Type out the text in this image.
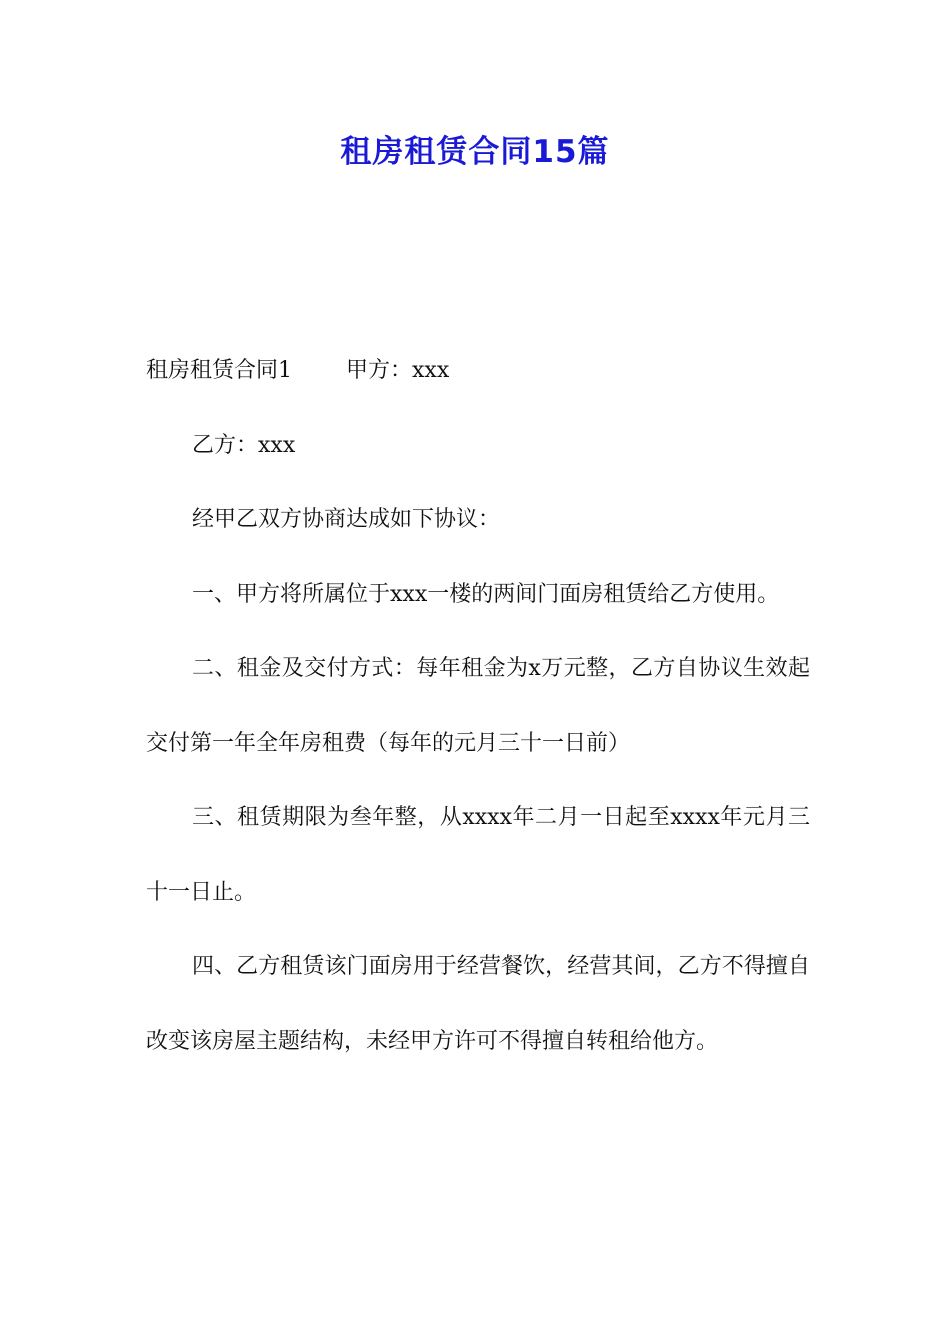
租房租赁合同15篇

租房租赁合同1 甲方：xxx

乙方：xxx

经甲乙双方协商达成如下协议：

一、甲方将所属位于xxx一楼的两间门面房租赁给乙方使用。

二、租金及交付方式：每年租金为x万元整，乙方自协议生效起交付第一年全年房租费（每年的元月三十一日前）

三、租赁期限为叁年整，从xxxx年二月一日起至xxxx年元月三十一日止。

四、乙方租赁该门面房用于经营餐饮，经营其间，乙方不得擅自改变该房屋主题结构，未经甲方许可不得擅自转租给他方。
